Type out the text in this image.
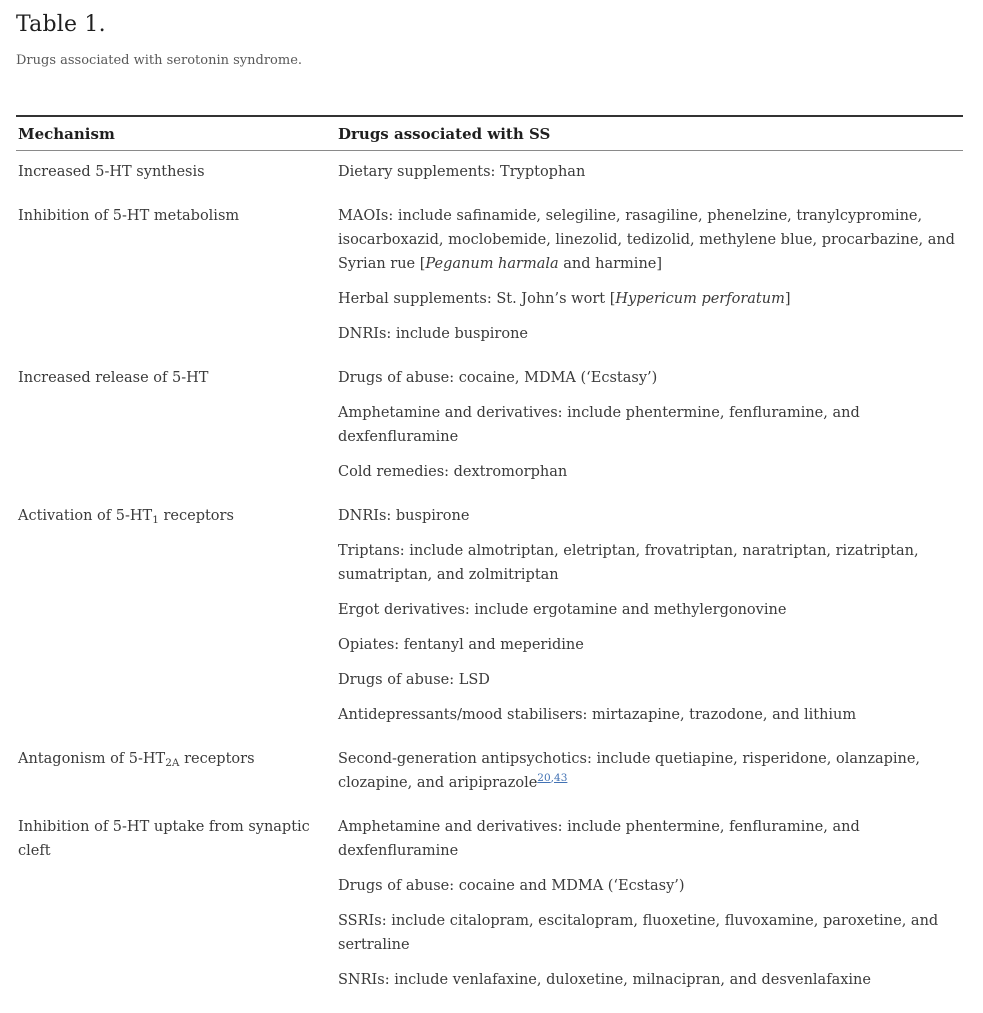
Table 1.

Drugs associated with serotonin syndrome.

Mechanism	Drugs associated with SS
Increased 5-HT synthesis	Dietary supplements: Tryptophan

Inhibition of 5-HT metabolism	MAOIs: include safinamide, selegiline, rasagiline, phenelzine, tranylcypromine, isocarboxazid, moclobemide, linezolid, tedizolid, methylene blue, procarbazine, and Syrian rue [Peganum harmala and harmine]

Herbal supplements: St. John’s wort [Hypericum perforatum]

DNRIs: include buspirone

Increased release of 5-HT	Drugs of abuse: cocaine, MDMA (‘Ecstasy’)

Amphetamine and derivatives: include phentermine, fenfluramine, and dexfenfluramine

Cold remedies: dextromorphan

Activation of $5-HT_1$ receptors	DNRIs: buspirone

Triptans: include almotriptan, eletriptan, frovatriptan, naratriptan, rizatriptan, sumatriptan, and zolmitriptan

Ergot derivatives: include ergotamine and methylergonovine

Opiates: fentanyl and meperidine

Drugs of abuse: LSD

Antidepressants/mood stabilisers: mirtazapine, trazodone, and lithium

Antagonism of $5-HT_{2A}$ receptors	Second-generation antipsychotics: include quetiapine, risperidone, olanzapine, clozapine, and aripiprazole$^{20,43}$

Inhibition of 5-HT uptake from synaptic cleft	Amphetamine and derivatives: include phentermine, fenfluramine, and dexfenfluramine

Drugs of abuse: cocaine and MDMA (‘Ecstasy’)

SSRIs: include citalopram, escitalopram, fluoxetine, fluvoxamine, paroxetine, and sertraline

SNRIs: include venlafaxine, duloxetine, milnacipran, and desvenlafaxine
